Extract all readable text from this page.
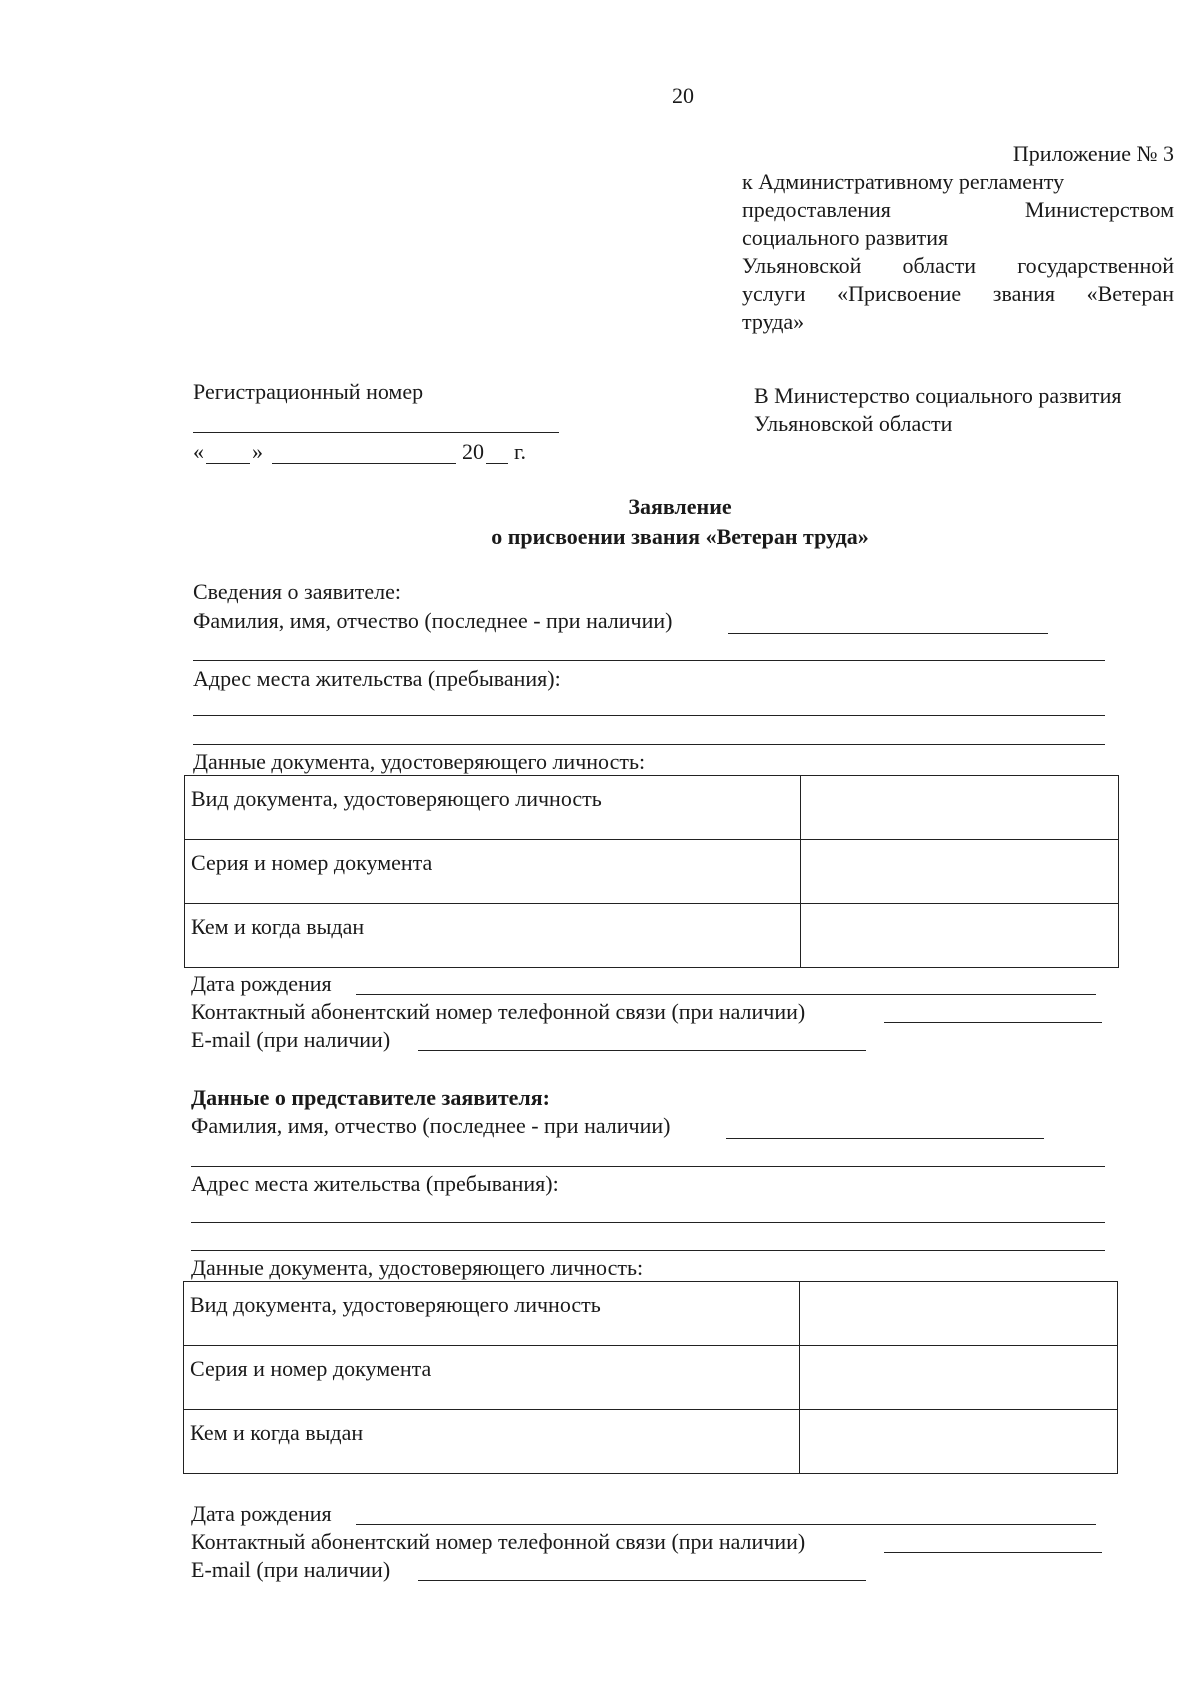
20
Приложение № 3
к Административному регламенту
предоставления	Министерством
социального развития
Ульяновской области государственной
услуги «Присвоение звания «Ветеран
труда»
Регистрационный номер
« »	20 г.
В Министерство социального развития
Ульяновской области
Заявление
о присвоении звания «Ветеран труда»
Сведения о заявителе:
Фамилия, имя, отчество (последнее - при наличии)
Адрес места жительства (пребывания):
Данные документа, удостоверяющего личность:
Вид документа, удостоверяющего личность	

Серия и номер документа	

Кем и когда выдан	

Дата рождения
Контактный абонентский номер телефонной связи (при наличии)
E-mail (при наличии)
Данные о представителе заявителя:
Фамилия, имя, отчество (последнее - при наличии)
Адрес места жительства (пребывания):
Данные документа, удостоверяющего личность:
Вид документа, удостоверяющего личность	

Серия и номер документа	

Кем и когда выдан	

Дата рождения
Контактный абонентский номер телефонной связи (при наличии)
E-mail (при наличии)
